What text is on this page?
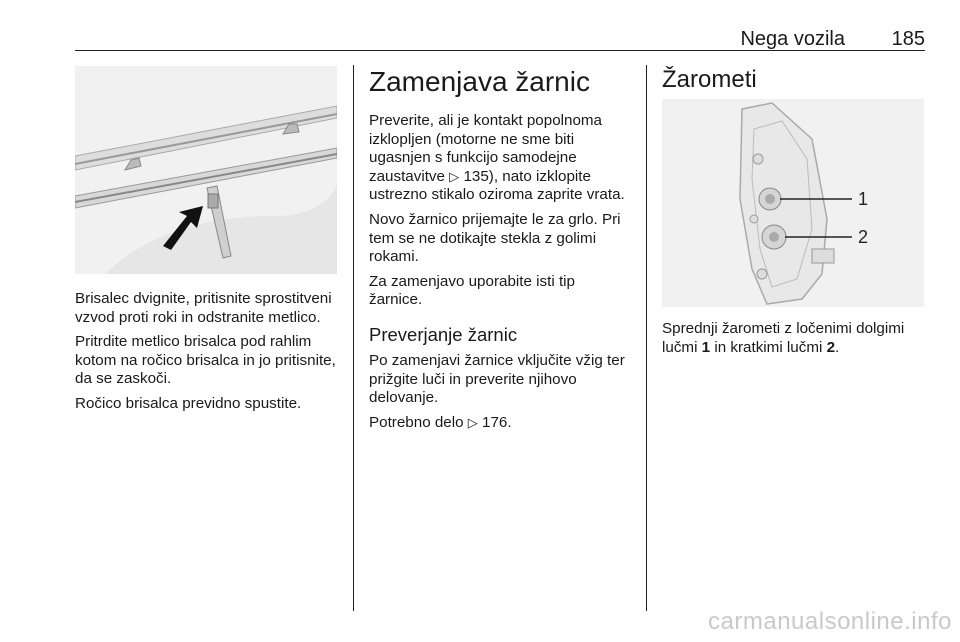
Nega vozila 185

Brisalec dvignite, pritisnite sprostitveni vzvod proti roki in odstranite metlico.

Pritrdite metlico brisalca pod rahlim kotom na ročico brisalca in jo pritisnite, da se zaskoči.

Ročico brisalca previdno spustite.

Zamenjava žarnic

Preverite, ali je kontakt popolnoma izklopljen (motorne ne sme biti ugasnjen s funkcijo samodejne zaustavitve ▷ 135), nato izklopite ustrezno stikalo oziroma zaprite vrata.

Novo žarnico prijemajte le za grlo. Pri tem se ne dotikajte stekla z golimi rokami.

Za zamenjavo uporabite isti tip žarnice.

Preverjanje žarnic

Po zamenjavi žarnice vključite vžig ter prižgite luči in preverite njihovo delovanje.

Potrebno delo ▷ 176.

Žarometi
1
2

Sprednji žarometi z ločenimi dolgimi lučmi 1 in kratkimi lučmi 2.

carmanualsonline.info
